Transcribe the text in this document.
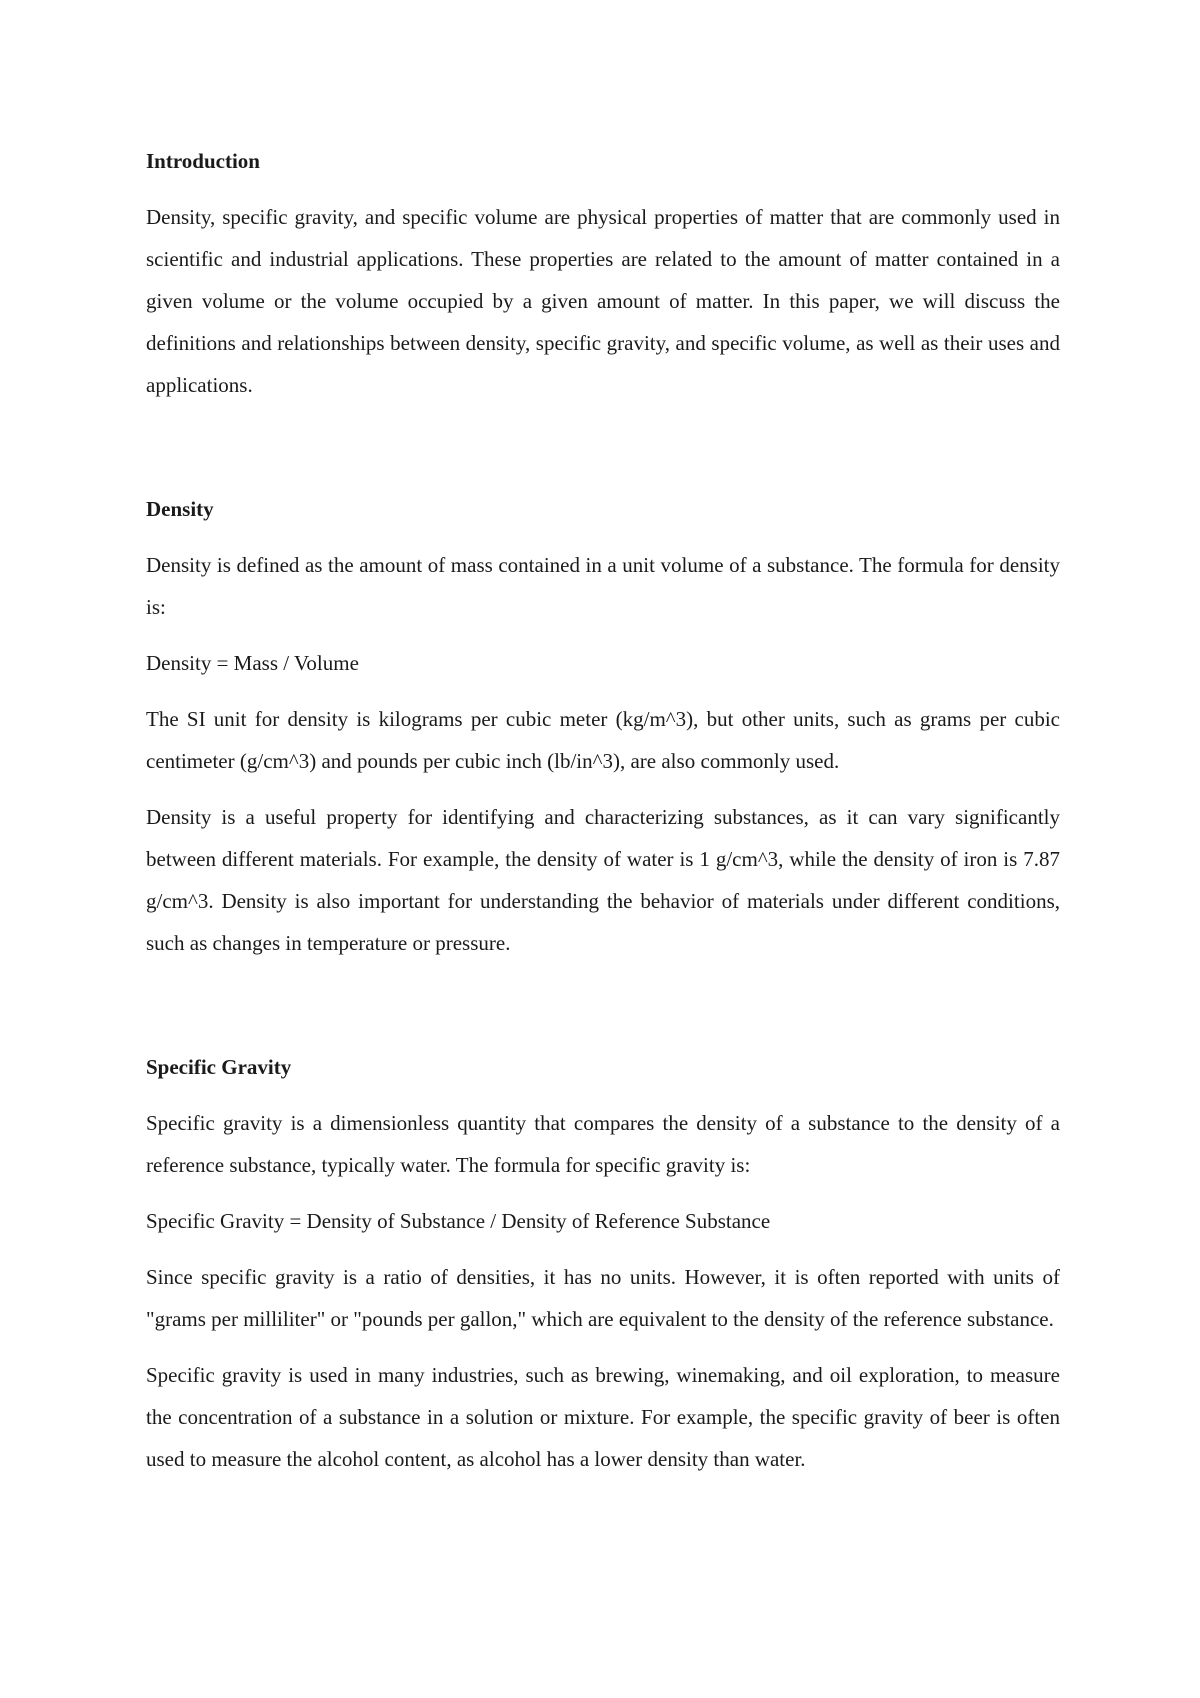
Introduction

Density, specific gravity, and specific volume are physical properties of matter that are commonly used in scientific and industrial applications. These properties are related to the amount of matter contained in a given volume or the volume occupied by a given amount of matter. In this paper, we will discuss the definitions and relationships between density, specific gravity, and specific volume, as well as their uses and applications.

Density

Density is defined as the amount of mass contained in a unit volume of a substance. The formula for density is:

Density = Mass / Volume

The SI unit for density is kilograms per cubic meter (kg/m^3), but other units, such as grams per cubic centimeter (g/cm^3) and pounds per cubic inch (lb/in^3), are also commonly used.

Density is a useful property for identifying and characterizing substances, as it can vary significantly between different materials. For example, the density of water is 1 g/cm^3, while the density of iron is 7.87 g/cm^3. Density is also important for understanding the behavior of materials under different conditions, such as changes in temperature or pressure.

Specific Gravity

Specific gravity is a dimensionless quantity that compares the density of a substance to the density of a reference substance, typically water. The formula for specific gravity is:

Specific Gravity = Density of Substance / Density of Reference Substance

Since specific gravity is a ratio of densities, it has no units. However, it is often reported with units of "grams per milliliter" or "pounds per gallon," which are equivalent to the density of the reference substance.

Specific gravity is used in many industries, such as brewing, winemaking, and oil exploration, to measure the concentration of a substance in a solution or mixture. For example, the specific gravity of beer is often used to measure the alcohol content, as alcohol has a lower density than water.
